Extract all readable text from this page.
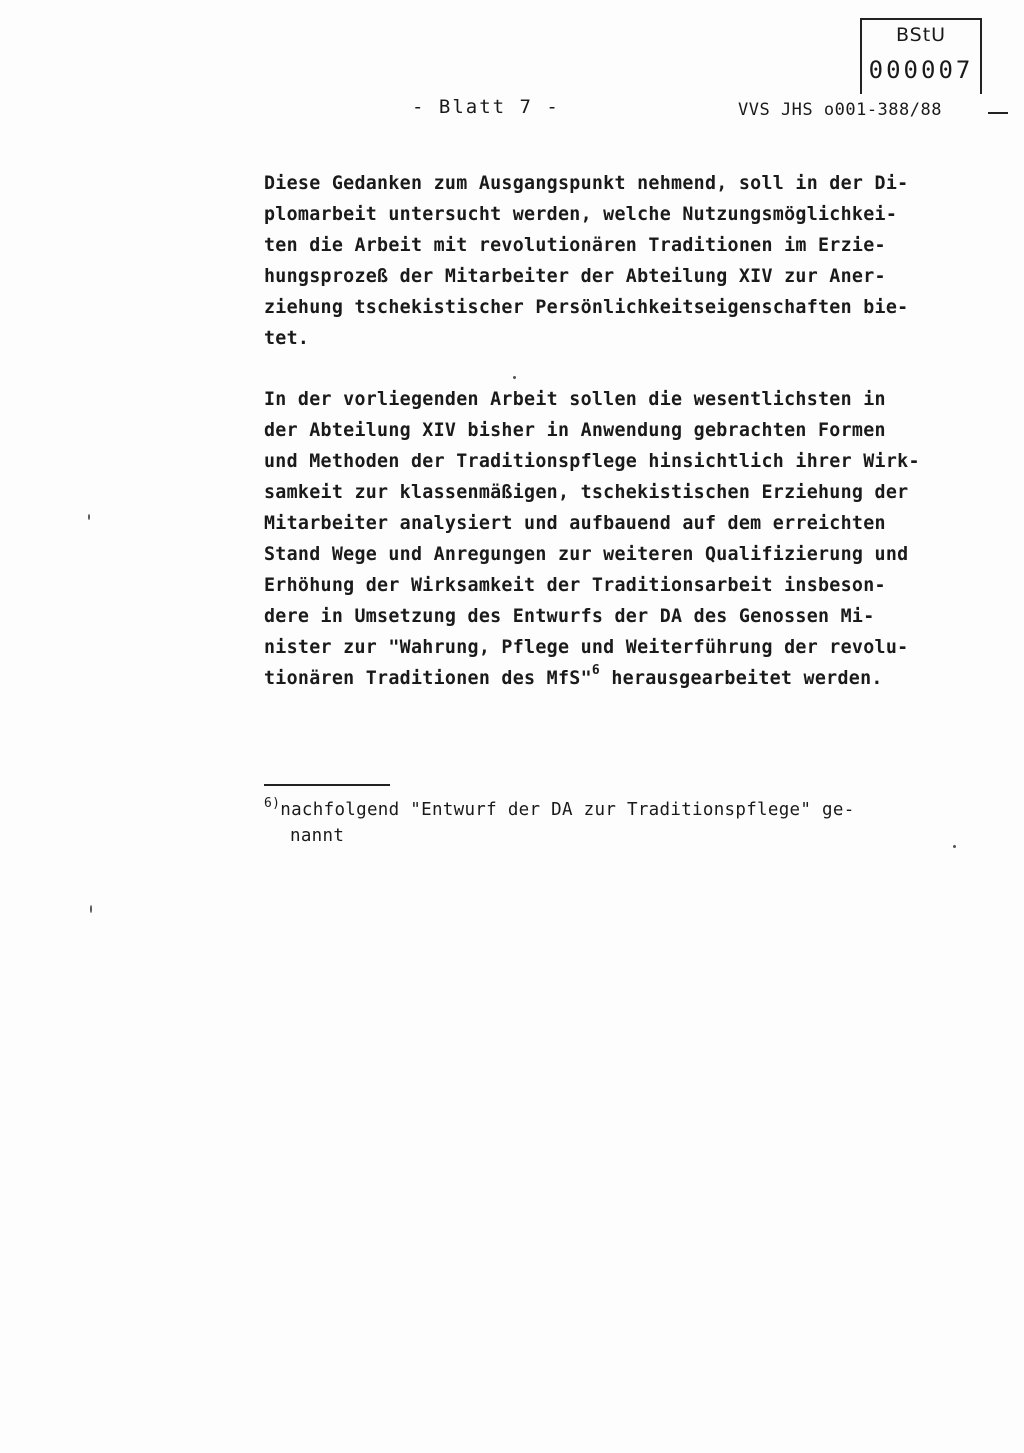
BStU
000007
- Blatt 7 -	VVS JHS o001-388/88
Diese Gedanken zum Ausgangspunkt nehmend, soll in der Di-
plomarbeit untersucht werden, welche Nutzungsmöglichkei-
ten die Arbeit mit revolutionären Traditionen im Erzie-
hungsprozeß der Mitarbeiter der Abteilung XIV zur Aner-
ziehung tschekistischer Persönlichkeitseigenschaften bie-
tet.
In der vorliegenden Arbeit sollen die wesentlichsten in
der Abteilung XIV bisher in Anwendung gebrachten Formen
und Methoden der Traditionspflege hinsichtlich ihrer Wirk-
samkeit zur klassenmäßigen, tschekistischen Erziehung der
Mitarbeiter analysiert und aufbauend auf dem erreichten
Stand Wege und Anregungen zur weiteren Qualifizierung und
Erhöhung der Wirksamkeit der Traditionsarbeit insbeson-
dere in Umsetzung des Entwurfs der DA des Genossen Mi-
nister zur "Wahrung, Pflege und Weiterführung der revolu-
tionären Traditionen des MfS"$^6$ herausgearbeitet werden.
$^{6)}$nachfolgend "Entwurf der DA zur Traditionspflege" ge-
nannt
